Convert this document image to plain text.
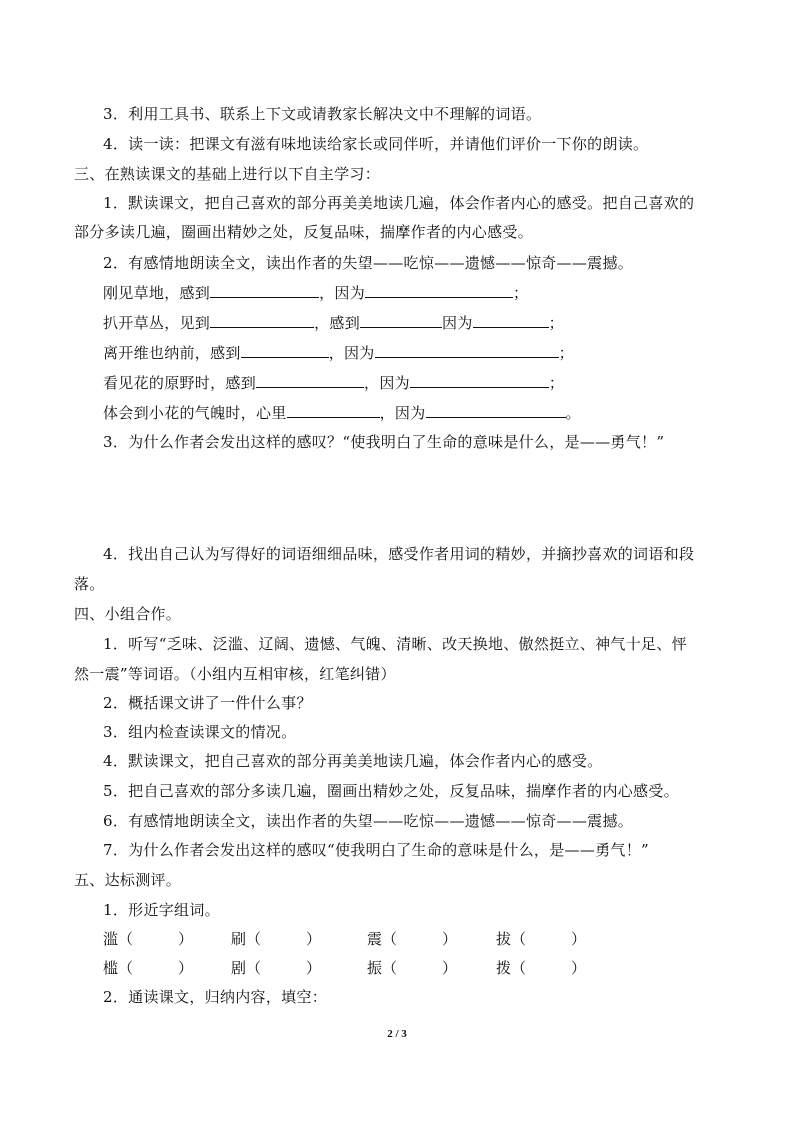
3．利用工具书、联系上下文或请教家长解决文中不理解的词语。
4．读一读：把课文有滋有味地读给家长或同伴听，并请他们评价一下你的朗读。
三、在熟读课文的基础上进行以下自主学习：
1．默读课文，把自己喜欢的部分再美美地读几遍，体会作者内心的感受。把自己喜欢的
部分多读几遍，圈画出精妙之处，反复品味，揣摩作者的内心感受。
2．有感情地朗读全文，读出作者的失望——吃惊——遗憾——惊奇——震撼。
刚见草地，感到	，因为	；
扒开草丛，见到	，感到	因为	；
离开维也纳前，感到	，因为	；
看见花的原野时，感到	，因为	；
体会到小花的气魄时，心里	，因为	。
3．为什么作者会发出这样的感叹？“使我明白了生命的意味是什么，是——勇气！”
4．找出自己认为写得好的词语细细品味，感受作者用词的精妙，并摘抄喜欢的词语和段
落。
四、小组合作。
1．听写“乏味、泛滥、辽阔、遗憾、气魄、清晰、改天换地、傲然挺立、神气十足、怦
然一震”等词语。（小组内互相审核，红笔纠错）
2．概括课文讲了一件什么事？
3．组内检查读课文的情况。
4．默读课文，把自己喜欢的部分再美美地读几遍，体会作者内心的感受。
5．把自己喜欢的部分多读几遍，圈画出精妙之处，反复品味，揣摩作者的内心感受。
6．有感情地朗读全文，读出作者的失望——吃惊——遗憾——惊奇——震撼。
7．为什么作者会发出这样的感叹“使我明白了生命的意味是什么，是——勇气！”
五、达标测评。
1．形近字组词。
滥（　　　）	刷（　　　）	震（　　　）	拔（　　　）
槛（　　　）	剧（　　　）	振（　　　）	拨（　　　）
2．通读课文，归纳内容，填空：
2 / 3
